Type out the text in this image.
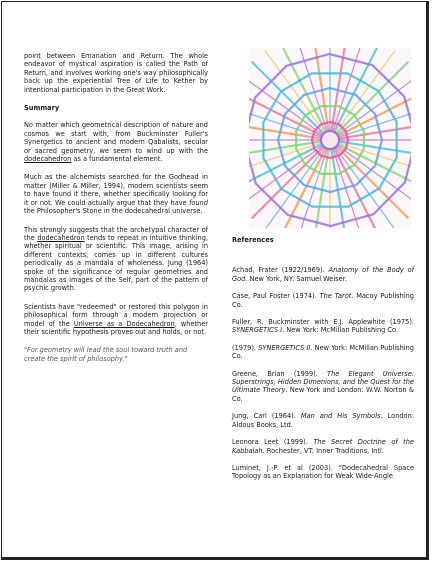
point between Emanation and Return. The whole endeavor of mystical aspiration is called the Path of Return, and involves working one's way philosophically back up the experiential Tree of Life to Kether by intentional participation in the Great Work.

Summary

No matter which geometrical description of nature and cosmos we start with, from Buckminster Fuller's Synergetics to ancient and modern Qabalists, secular or sacred geometry, we seem to wind up with the dodecahedron as a fundamental element.

Much as the alchemists searched for the Godhead in matter (Miller & Miller, 1994), modern scientists seem to have found it there, whether specifically looking for it or not. We could actually argue that they have found the Philosopher's Stone in the dodecahedral universe.

This strongly suggests that the archetypal character of the dodecahedron tends to repeat in intuitive thinking, whether spiritual or scientific. This image, arising in different contexts, comes up in different cultures periodically as a mandala of wholeness. Jung (1964) spoke of the significance of regular geometries and mandalas as images of the Self, part of the pattern of psychic growth.

Scientists have "redeemed" or restored this polygon in philosophical form through a modern projection or model of the Universe as a Dodecahedron, whether their scientific hypothesis proves out and holds, or not.

"For geometry will lead the soul toward truth and create the spirit of philosophy."

References
Achad, Frater (1922/1969). Anatomy of the Body of God. New York, NY: Samuel Weiser.
Case, Paul Foster (1974). The Tarot. Macoy Publishing Co.
Fuller, R. Buckminster with E.J. Applewhite (1975). SYNERGETICS I. New York: McMillan Publishing Co.
(1979). SYNERGETICS II. New York: McMillan Publishing Co.
Greene, Brian (1999). The Elegant Universe: Superstrings, Hidden Dimenions, and the Quest for the Ultimate Theory. New York and London: W.W. Norton & Co.
Jung, Carl (1964). Man and His Symbols. London: Aldous Books, Ltd.
Leonora Leet (1999). The Secret Doctrine of the Kabbalah. Rochester, VT: Inner Traditions, Intl.
Luminet, J.-P. et al (2003). "Dodecahedral Space Topology as an Explanation for Weak Wide-Angle
